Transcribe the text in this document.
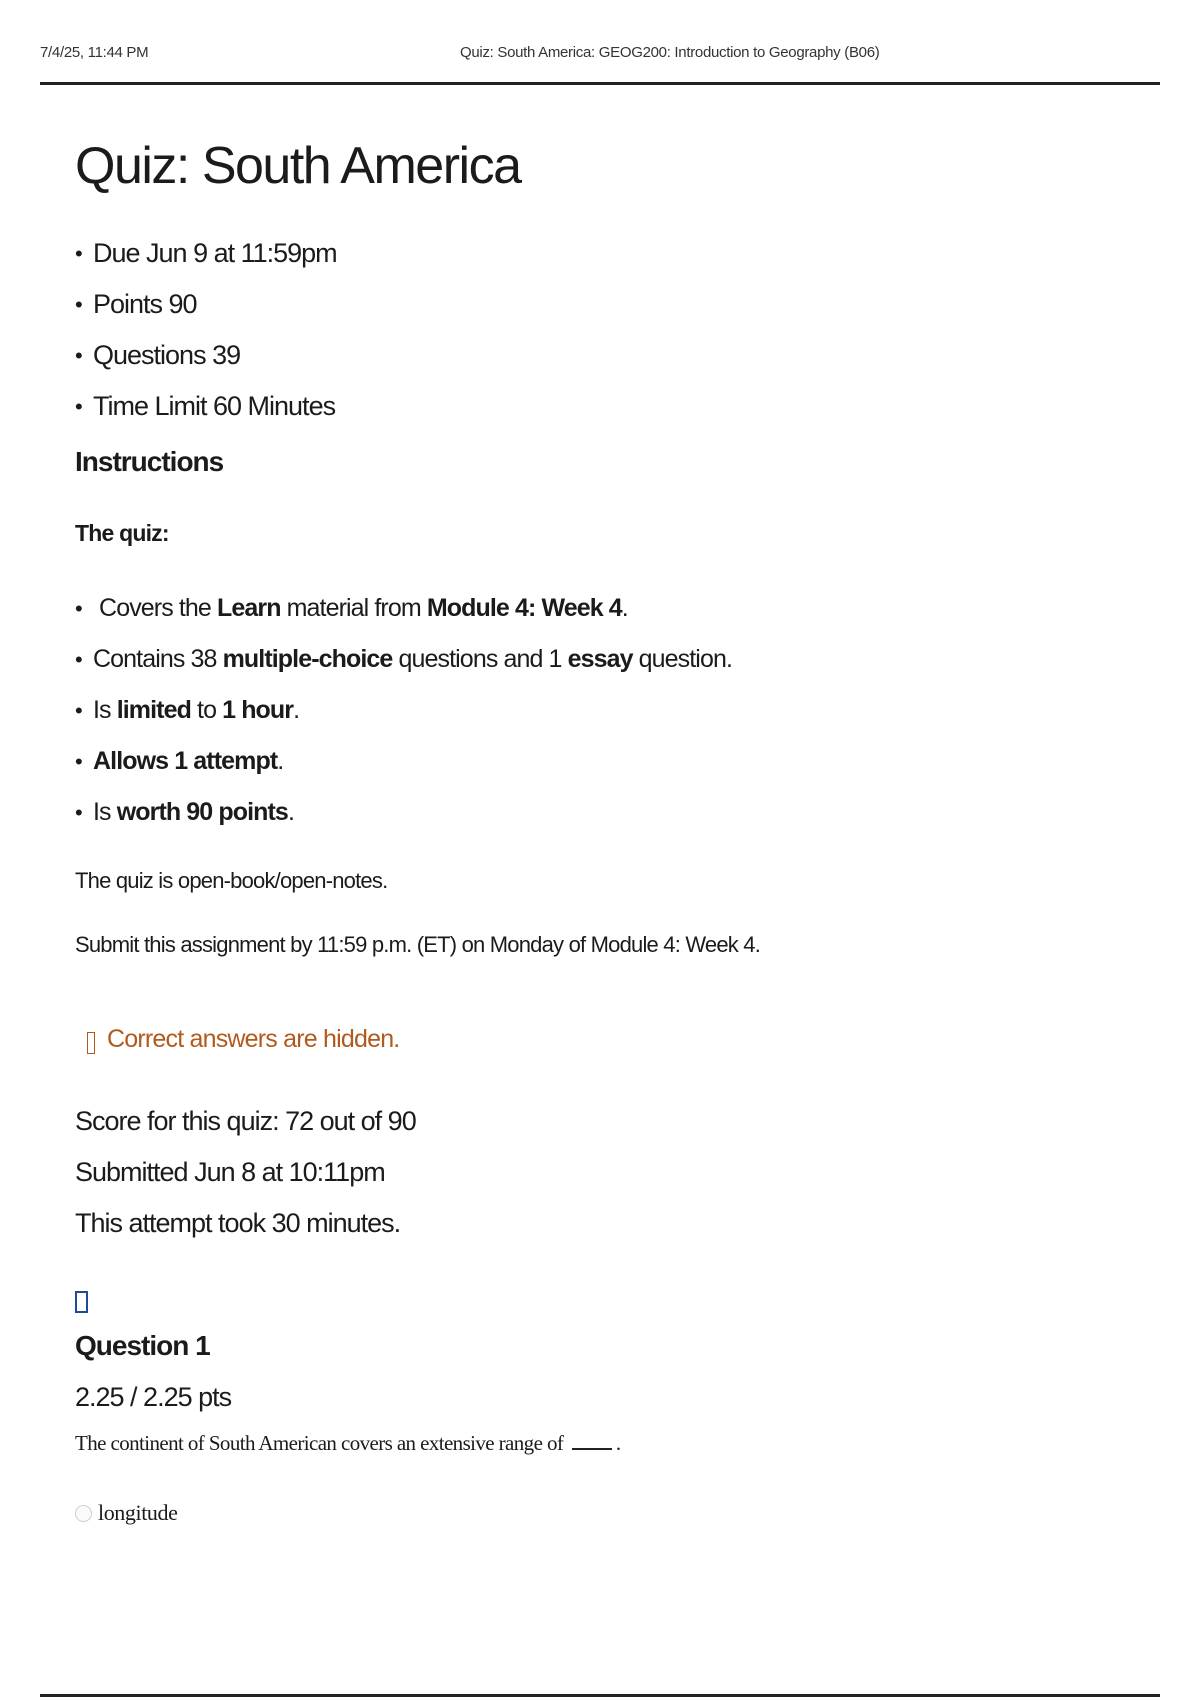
7/4/25, 11:44 PM	Quiz: South America: GEOG200: Introduction to Geography (B06)
Quiz: South America
• Due Jun 9 at 11:59pm
• Points 90
• Questions 39
• Time Limit 60 Minutes
Instructions
The quiz:
• Covers the Learn material from Module 4: Week 4.
• Contains 38 multiple-choice questions and 1 essay question.
• Is limited to 1 hour.
• Allows 1 attempt.
• Is worth 90 points.

The quiz is open-book/open-notes.

Submit this assignment by 11:59 p.m. (ET) on Monday of Module 4: Week 4.

Correct answers are hidden.
Score for this quiz: 72 out of 90
Submitted Jun 8 at 10:11pm
This attempt took 30 minutes.
Question 1
2.25 / 2.25 pts
The continent of South American covers an extensive range of .
longitude
